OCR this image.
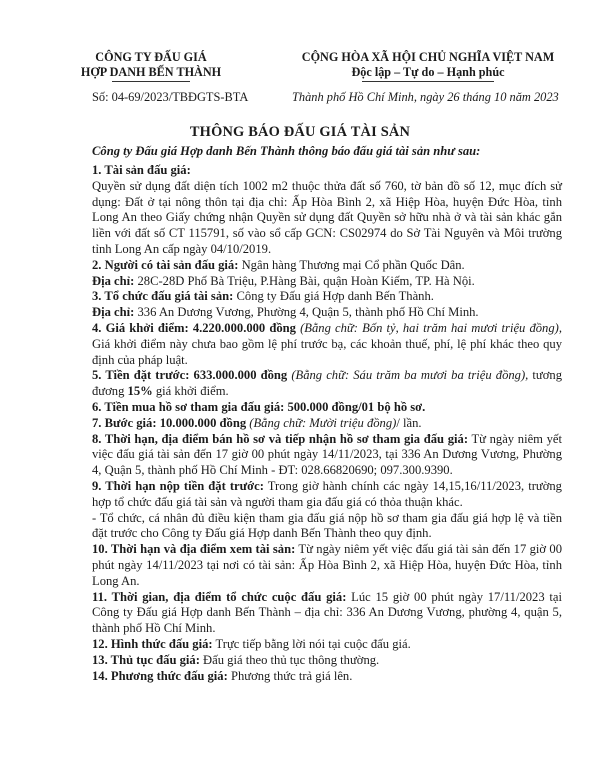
CÔNG TY ĐẤU GIÁ
HỢP DANH BẾN THÀNH
CỘNG HÒA XÃ HỘI CHỦ NGHĨA VIỆT NAM
Độc lập – Tự do – Hạnh phúc
Số: 04-69/2023/TBĐGTS-BTA	Thành phố Hồ Chí Minh, ngày 26 tháng 10 năm 2023
THÔNG BÁO ĐẤU GIÁ TÀI SẢN
Công ty Đấu giá Hợp danh Bến Thành thông báo đấu giá tài sản như sau:

1. Tài sản đấu giá:

Quyền sử dụng đất diện tích 1002 m2 thuộc thửa đất số 760, tờ bản đồ số 12, mục đích sử dụng: Đất ở tại nông thôn tại địa chỉ: Ấp Hòa Bình 2, xã Hiệp Hòa, huyện Đức Hòa, tỉnh Long An theo Giấy chứng nhận Quyền sử dụng đất Quyền sở hữu nhà ở và tài sản khác gắn liền với đất số CT 115791, số vào sổ cấp GCN: CS02974 do Sở Tài Nguyên và Môi trường tỉnh Long An cấp ngày 04/10/2019.

2. Người có tài sản đấu giá: Ngân hàng Thương mại Cổ phần Quốc Dân.

Địa chỉ: 28C-28D Phố Bà Triệu, P.Hàng Bài, quận Hoàn Kiếm, TP. Hà Nội.

3. Tổ chức đấu giá tài sản: Công ty Đấu giá Hợp danh Bến Thành.

Địa chỉ: 336 An Dương Vương, Phường 4, Quận 5, thành phố Hồ Chí Minh.

4. Giá khởi điểm: 4.220.000.000 đồng (Bằng chữ: Bốn tỷ, hai trăm hai mươi triệu đồng), Giá khởi điểm này chưa bao gồm lệ phí trước bạ, các khoản thuế, phí, lệ phí khác theo quy định của pháp luật.

5. Tiền đặt trước: 633.000.000 đồng (Bằng chữ: Sáu trăm ba mươi ba triệu đồng), tương đương 15% giá khởi điểm.

6. Tiền mua hồ sơ tham gia đấu giá: 500.000 đồng/01 bộ hồ sơ.

7. Bước giá: 10.000.000 đồng (Bằng chữ: Mười triệu đồng)/ lần.

8. Thời hạn, địa điểm bán hồ sơ và tiếp nhận hồ sơ tham gia đấu giá: Từ ngày niêm yết việc đấu giá tài sản đến 17 giờ 00 phút ngày 14/11/2023, tại 336 An Dương Vương, Phường 4, Quận 5, thành phố Hồ Chí Minh - ĐT: 028.66820690; 097.300.9390.

9. Thời hạn nộp tiền đặt trước: Trong giờ hành chính các ngày 14,15,16/11/2023, trường hợp tổ chức đấu giá tài sản và người tham gia đấu giá có thỏa thuận khác.

- Tổ chức, cá nhân đủ điều kiện tham gia đấu giá nộp hồ sơ tham gia đấu giá hợp lệ và tiền đặt trước cho Công ty Đấu giá Hợp danh Bến Thành theo quy định.

10. Thời hạn và địa điểm xem tài sản: Từ ngày niêm yết việc đấu giá tài sản đến 17 giờ 00 phút ngày 14/11/2023 tại nơi có tài sản: Ấp Hòa Bình 2, xã Hiệp Hòa, huyện Đức Hòa, tỉnh Long An.

11. Thời gian, địa điểm tổ chức cuộc đấu giá: Lúc 15 giờ 00 phút ngày 17/11/2023 tại Công ty Đấu giá Hợp danh Bến Thành – địa chỉ: 336 An Dương Vương, phường 4, quận 5, thành phố Hồ Chí Minh.

12. Hình thức đấu giá: Trực tiếp bằng lời nói tại cuộc đấu giá.

13. Thủ tục đấu giá: Đấu giá theo thủ tục thông thường.

14. Phương thức đấu giá: Phương thức trả giá lên.
